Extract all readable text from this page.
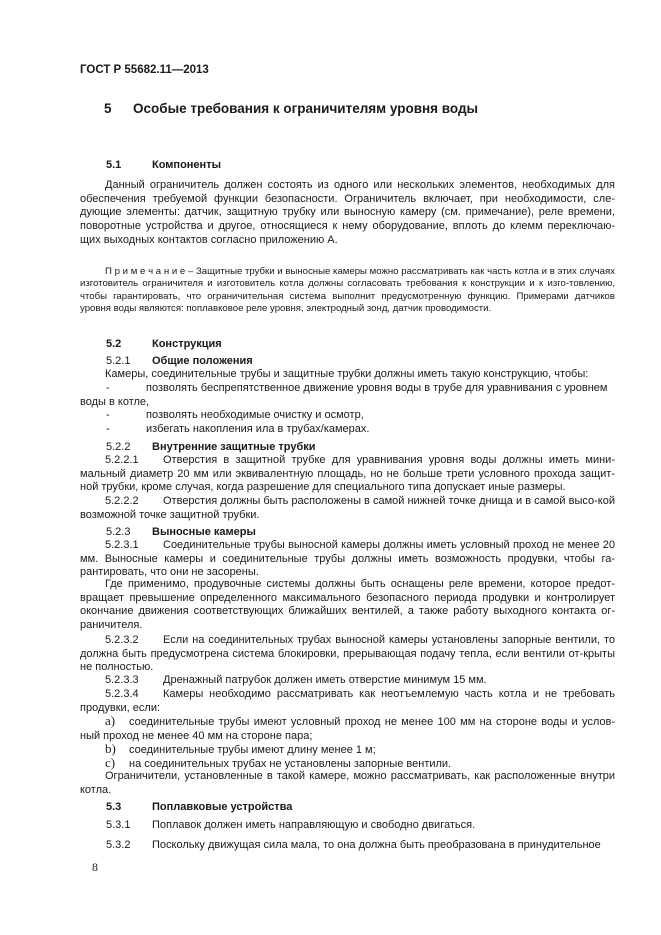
ГОСТ Р 55682.11—2013
5 Особые требования к ограничителям уровня воды
5.1	Компоненты
Данный ограничитель должен состоять из одного или нескольких элементов, необходимых для обеспечения требуемой функции безопасности. Ограничитель включает, при необходимости, сле-дующие элементы: датчик, защитную трубку или выносную камеру (см. примечание), реле времени, поворотные устройства и другое, относящиеся к нему оборудование, вплоть до клемм переключаю-щих выходных контактов согласно приложению А.
П р и м е ч а н и е – Защитные трубки и выносные камеры можно рассматривать как часть котла и в этих случаях изготовитель ограничителя и изготовитель котла должны согласовать требования к конструкции и к изго-товлению, чтобы гарантировать, что ограничительная система выполнит предусмотренную функцию. Примерами датчиков уровня воды являются: поплавковое реле уровня, электродный зонд, датчик проводимости.
5.2	Конструкция
5.2.1 Общие положения
Камеры, соединительные трубы и защитные трубки должны иметь такую конструкцию, чтобы:
-	позволять беспрепятственное движение уровня воды в трубе для уравнивания с уровнем
воды в котле,
-	позволять необходимые очистку и осмотр,
-	избегать накопления ила в трубах/камерах.
5.2.2 Внутренние защитные трубки
5.2.2.1 Отверстия в защитной трубке для уравнивания уровня воды должны иметь мини-мальный диаметр 20 мм или эквивалентную площадь, но не больше трети условного прохода защит-ной трубки, кроме случая, когда разрешение для специального типа допускает иные размеры.
5.2.2.2 Отверстия должны быть расположены в самой нижней точке днища и в самой высо-кой возможной точке защитной трубки.
5.2.3 Выносные камеры
5.2.3.1 Соединительные трубы выносной камеры должны иметь условный проход не менее 20 мм. Выносные камеры и соединительные трубы должны иметь возможность продувки, чтобы га-рантировать, что они не засорены.
Где применимо, продувочные системы должны быть оснащены реле времени, которое предот-вращает превышение определенного максимального безопасного периода продувки и контролирует окончание движения соответствующих ближайших вентилей, а также работу выходного контакта ог-раничителя.
5.2.3.2 Если на соединительных трубах выносной камеры установлены запорные вентили, то должна быть предусмотрена система блокировки, прерывающая подачу тепла, если вентили от-крыты не полностью.
5.2.3.3 Дренажный патрубок должен иметь отверстие минимум 15 мм.
5.2.3.4 Камеры необходимо рассматривать как неотъемлемую часть котла и не требовать продувки, если:
a) соединительные трубы имеют условный проход не менее 100 мм на стороне воды и услов-ный проход не менее 40 мм на стороне пара;
b) соединительные трубы имеют длину менее 1 м;
c) на соединительных трубах не установлены запорные вентили.
Ограничители, установленные в такой камере, можно рассматривать, как расположенные внутри котла.
5.3	Поплавковые устройства
5.3.1 Поплавок должен иметь направляющую и свободно двигаться.
5.3.2 Поскольку движущая сила мала, то она должна быть преобразована в принудительное
8
